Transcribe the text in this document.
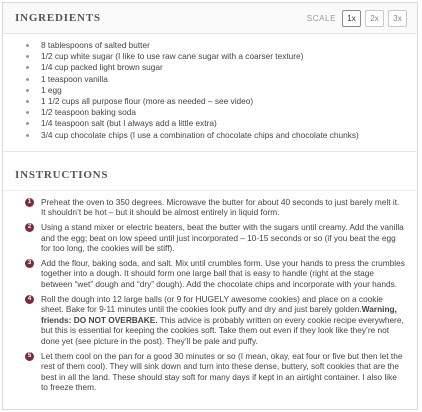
INGREDIENTS	SCALE	1x	2x	3x
8 tablespoons of salted butter
1/2 cup white sugar (I like to use raw cane sugar with a coarser texture)
1/4 cup packed light brown sugar
1 teaspoon vanilla
1 egg
1 1/2 cups all purpose flour (more as needed – see video)
1/2 teaspoon baking soda
1/4 teaspoon salt (but I always add a little extra)
3/4 cup chocolate chips (I use a combination of chocolate chips and chocolate chunks)
INSTRUCTIONS
1	Preheat the oven to 350 degrees. Microwave the butter for about 40 seconds to just barely melt it. It shouldn’t be hot – but it should be almost entirely in liquid form.
2	Using a stand mixer or electric beaters, beat the butter with the sugars until creamy. Add the vanilla and the egg; beat on low speed until just incorporated – 10-15 seconds or so (if you beat the egg for too long, the cookies will be stiff).
3	Add the flour, baking soda, and salt. Mix until crumbles form. Use your hands to press the crumbles together into a dough. It should form one large ball that is easy to handle (right at the stage between “wet” dough and “dry” dough). Add the chocolate chips and incorporate with your hands.
4	Roll the dough into 12 large balls (or 9 for HUGELY awesome cookies) and place on a cookie sheet. Bake for 9-11 minutes until the cookies look puffy and dry and just barely golden.Warning, friends: DO NOT OVERBAKE. This advice is probably written on every cookie recipe everywhere, but this is essential for keeping the cookies soft. Take them out even if they look like they’re not done yet (see picture in the post). They’ll be pale and puffy.
5	Let them cool on the pan for a good 30 minutes or so (I mean, okay, eat four or five but then let the rest of them cool). They will sink down and turn into these dense, buttery, soft cookies that are the best in all the land. These should stay soft for many days if kept in an airtight container. I also like to freeze them.
